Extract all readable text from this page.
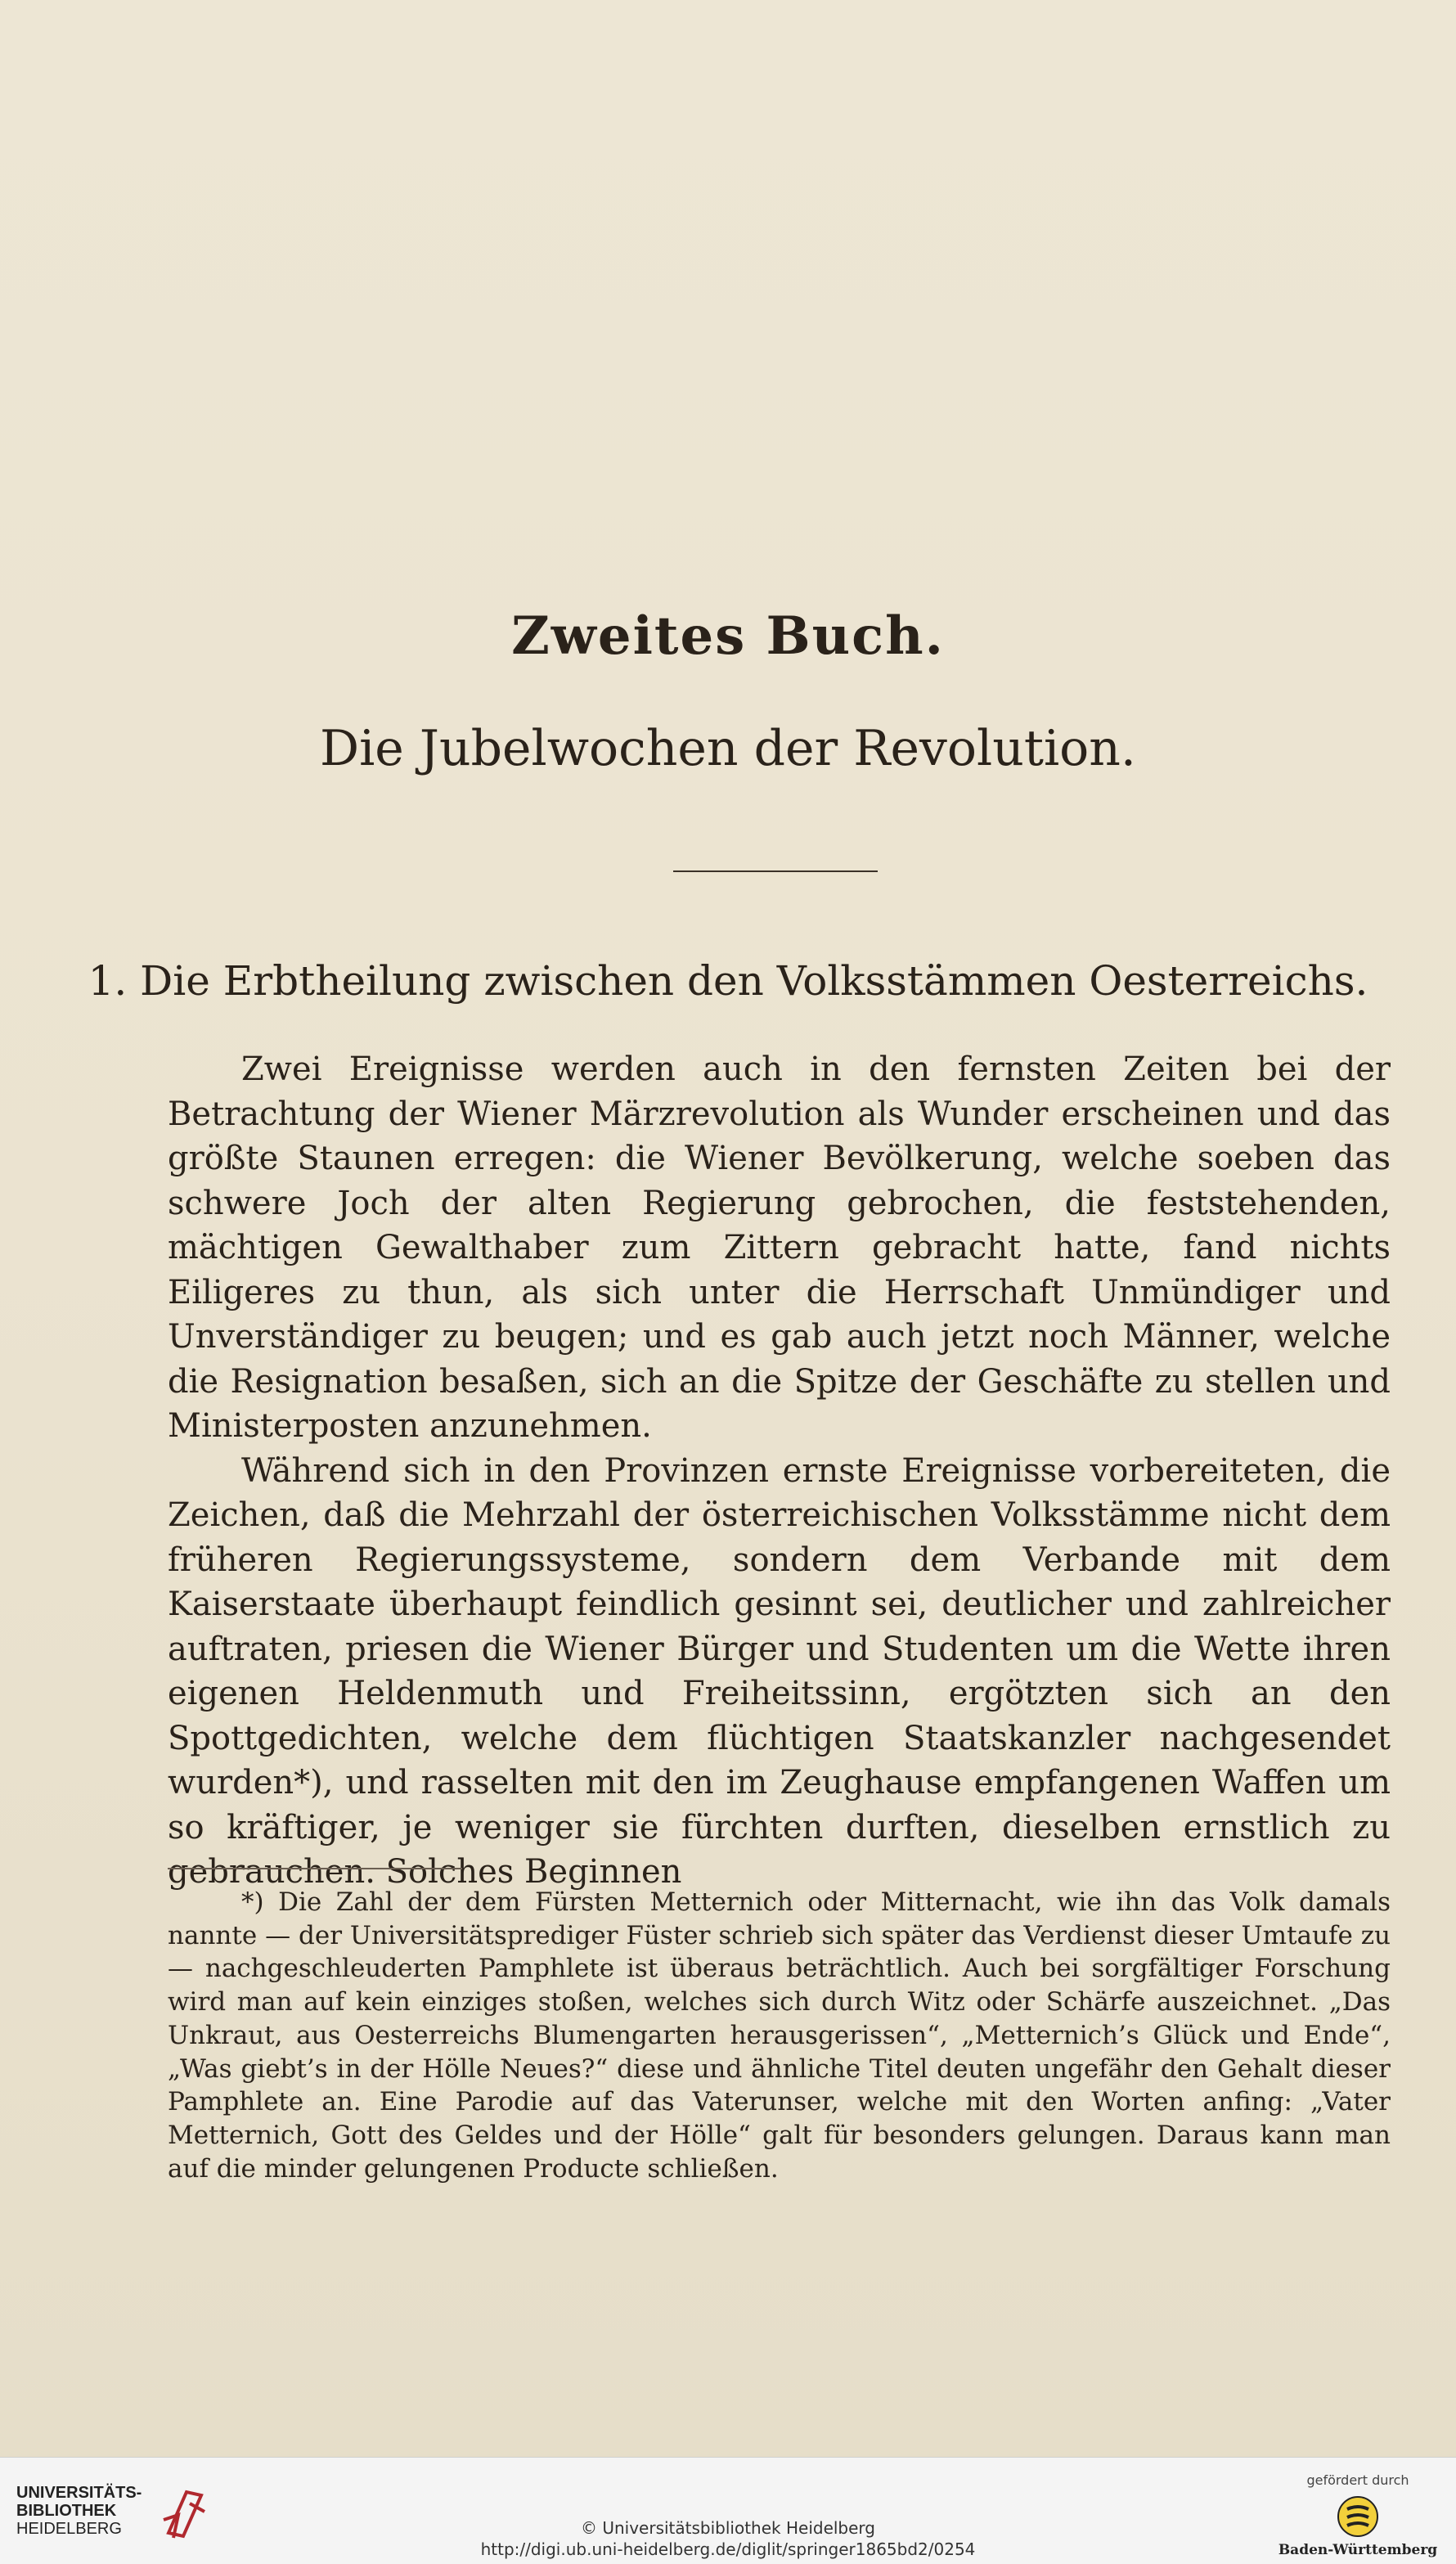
Zweites Buch.
Die Jubelwochen der Revolution.
1. Die Erbtheilung zwischen den Volksstämmen Oesterreichs.

Zwei Ereignisse werden auch in den fernsten Zeiten bei der Betrachtung der Wiener Märzrevolution als Wunder erscheinen und das größte Staunen erregen: die Wiener Bevölkerung, welche soeben das schwere Joch der alten Regierung gebrochen, die feststehenden, mächtigen Gewalthaber zum Zittern gebracht hatte, fand nichts Eiligeres zu thun, als sich unter die Herrschaft Unmündiger und Unverständiger zu beugen; und es gab auch jetzt noch Männer, welche die Resignation besaßen, sich an die Spitze der Geschäfte zu stellen und Ministerposten anzunehmen.

Während sich in den Provinzen ernste Ereignisse vorbereiteten, die Zeichen, daß die Mehrzahl der österreichischen Volksstämme nicht dem früheren Regierungssysteme, sondern dem Verbande mit dem Kaiserstaate überhaupt feindlich gesinnt sei, deutlicher und zahlreicher auftraten, priesen die Wiener Bürger und Studenten um die Wette ihren eigenen Heldenmuth und Freiheitssinn, ergötzten sich an den Spottgedichten, welche dem flüchtigen Staatskanzler nachgesendet wurden*), und rasselten mit den im Zeughause empfangenen Waffen um so kräftiger, je weniger sie fürchten durften, dieselben ernstlich zu gebrauchen. Solches Beginnen

*) Die Zahl der dem Fürsten Metternich oder Mitternacht, wie ihn das Volk damals nannte — der Universitätsprediger Füster schrieb sich später das Verdienst dieser Umtaufe zu — nachgeschleuderten Pamphlete ist überaus beträchtlich. Auch bei sorgfältiger Forschung wird man auf kein einziges stoßen, welches sich durch Witz oder Schärfe auszeichnet. „Das Unkraut, aus Oesterreichs Blumengarten herausgerissen“, „Metternich’s Glück und Ende“, „Was giebt’s in der Hölle Neues?“ diese und ähnliche Titel deuten ungefähr den Gehalt dieser Pamphlete an. Eine Parodie auf das Vaterunser, welche mit den Worten anfing: „Vater Metternich, Gott des Geldes und der Hölle“ galt für besonders gelungen. Daraus kann man auf die minder gelungenen Producte schließen.

UNIVERSITÄTS-
BIBLIOTHEK
HEIDELBERG	© Universitätsbibliothek Heidelberg
http://digi.ub.uni-heidelberg.de/diglit/springer1865bd2/0254
gefördert durch
Baden-Württemberg
